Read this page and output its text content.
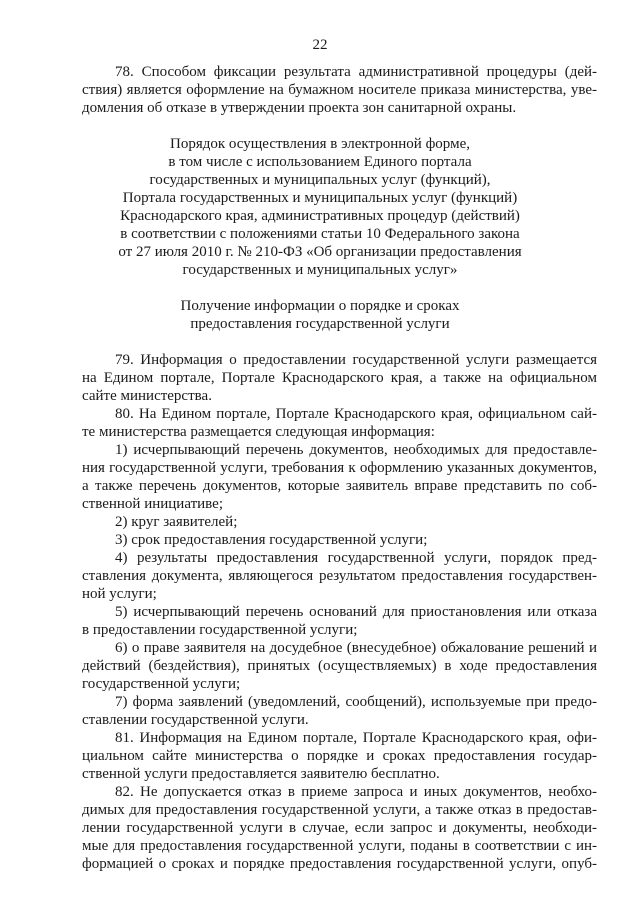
22
78. Способом фиксации результата административной процедуры (дей-
ствия) является оформление на бумажном носителе приказа министерства, уве-
домления об отказе в утверждении проекта зон санитарной охраны.
Порядок осуществления в электронной форме,
в том числе с использованием Единого портала
государственных и муниципальных услуг (функций),
Портала государственных и муниципальных услуг (функций)
Краснодарского края, административных процедур (действий)
в соответствии с положениями статьи 10 Федерального закона
от 27 июля 2010 г. № 210-ФЗ «Об организации предоставления
государственных и муниципальных услуг»
Получение информации о порядке и сроках
предоставления государственной услуги
79. Информация о предоставлении государственной услуги размещается
на Едином портале, Портале Краснодарского края, а также на официальном
сайте министерства.
80. На Едином портале, Портале Краснодарского края, официальном сай-
те министерства размещается следующая информация:
1) исчерпывающий перечень документов, необходимых для предоставле-
ния государственной услуги, требования к оформлению указанных документов,
а также перечень документов, которые заявитель вправе представить по соб-
ственной инициативе;
2) круг заявителей;
3) срок предоставления государственной услуги;
4) результаты предоставления государственной услуги, порядок пред-
ставления документа, являющегося результатом предоставления государствен-
ной услуги;
5) исчерпывающий перечень оснований для приостановления или отказа
в предоставлении государственной услуги;
6) о праве заявителя на досудебное (внесудебное) обжалование решений и
действий (бездействия), принятых (осуществляемых) в ходе предоставления
государственной услуги;
7) форма заявлений (уведомлений, сообщений), используемые при предо-
ставлении государственной услуги.
81. Информация на Едином портале, Портале Краснодарского края, офи-
циальном сайте министерства о порядке и сроках предоставления государ-
ственной услуги предоставляется заявителю бесплатно.
82. Не допускается отказ в приеме запроса и иных документов, необхо-
димых для предоставления государственной услуги, а также отказ в предостав-
лении государственной услуги в случае, если запрос и документы, необходи-
мые для предоставления государственной услуги, поданы в соответствии с ин-
формацией о сроках и порядке предоставления государственной услуги, опуб-
